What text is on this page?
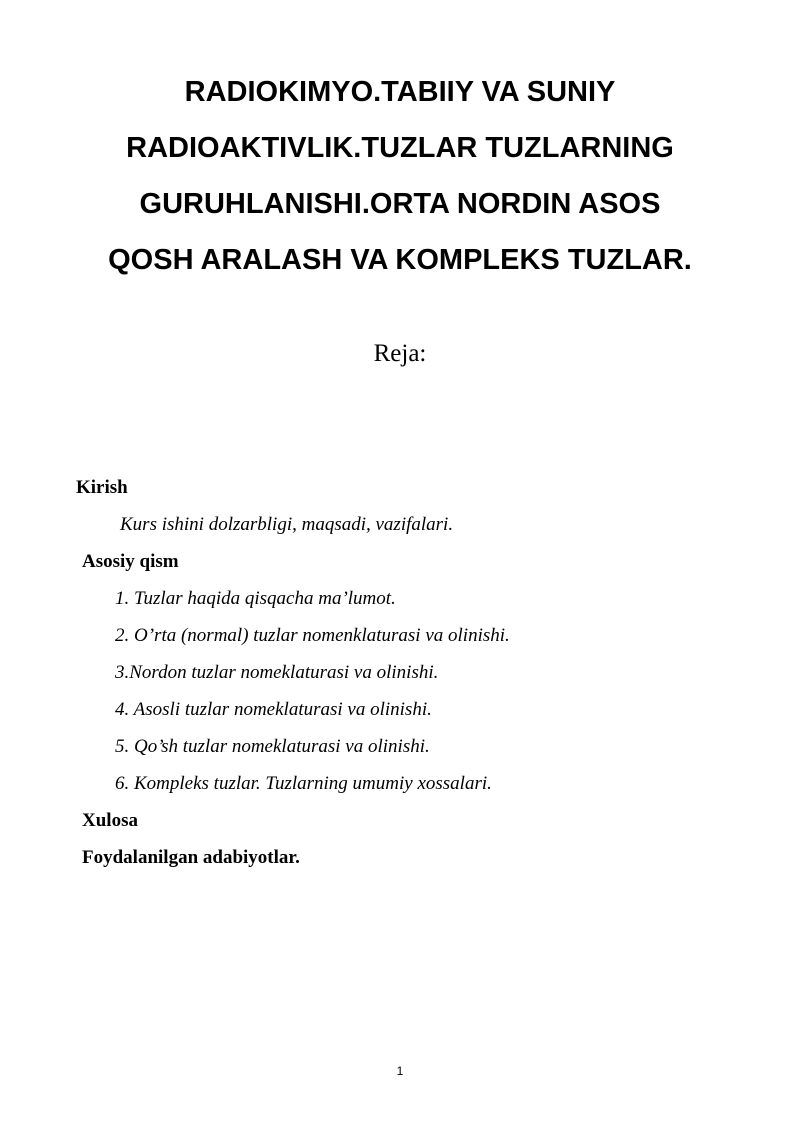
RADIOKIMYO.TABIIY VA SUNIY
RADIOAKTIVLIK.TUZLAR TUZLARNING
GURUHLANISHI.ORTA NORDIN ASOS
QOSH ARALASH VA KOMPLEKS TUZLAR.
Reja:
Kirish
Kurs ishini dolzarbligi, maqsadi, vazifalari.
Asosiy qism
1. Tuzlar haqida qisqacha ma’lumot.
2. O’rta (normal) tuzlar nomenklaturasi va olinishi.
3.Nordon tuzlar nomeklaturasi va olinishi.
4. Asosli tuzlar nomeklaturasi va olinishi.
5. Qo’sh tuzlar nomeklaturasi va olinishi.
6. Kompleks tuzlar. Tuzlarning umumiy xossalari.
Xulosa
Foydalanilgan adabiyotlar.
1
